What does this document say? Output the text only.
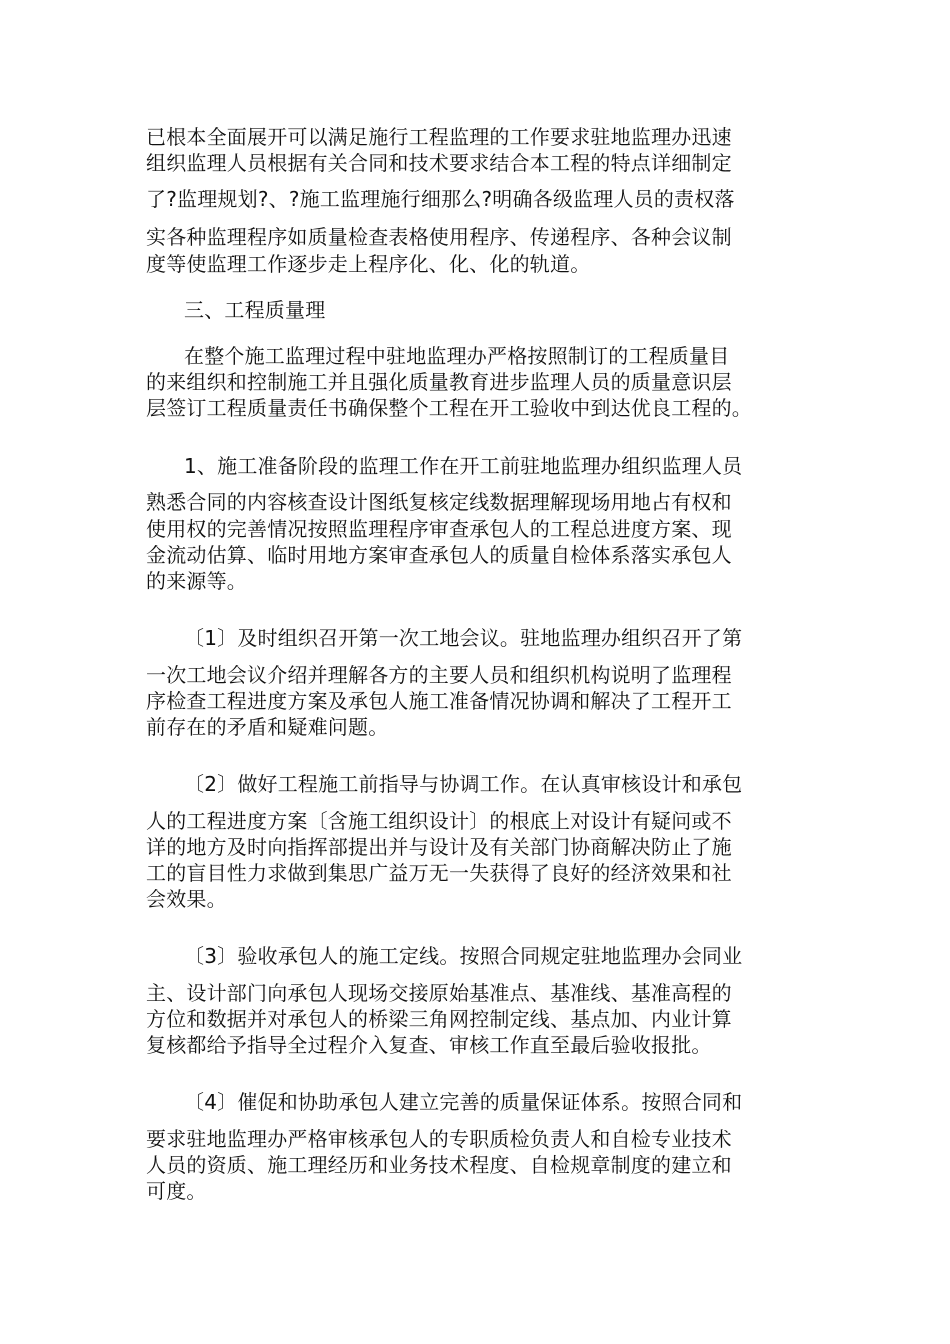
已根本全面展开可以满足施行工程监理的工作要求驻地监理办迅速
组织监理人员根据有关合同和技术要求结合本工程的特点详细制定
了?监理规划?、?施工监理施行细那么?明确各级监理人员的责权落
实各种监理程序如质量检查表格使用程序、传递程序、各种会议制
度等使监理工作逐步走上程序化、化、化的轨道。
三、工程质量理
在整个施工监理过程中驻地监理办严格按照制订的工程质量目
的来组织和控制施工并且强化质量教育进步监理人员的质量意识层
层签订工程质量责任书确保整个工程在开工验收中到达优良工程的。
1、施工准备阶段的监理工作在开工前驻地监理办组织监理人员
熟悉合同的内容核查设计图纸复核定线数据理解现场用地占有权和
使用权的完善情况按照监理程序审查承包人的工程总进度方案、现
金流动估算、临时用地方案审查承包人的质量自检体系落实承包人
的来源等。
〔1〕及时组织召开第一次工地会议。驻地监理办组织召开了第
一次工地会议介绍并理解各方的主要人员和组织机构说明了监理程
序检查工程进度方案及承包人施工准备情况协调和解决了工程开工
前存在的矛盾和疑难问题。
〔2〕做好工程施工前指导与协调工作。在认真审核设计和承包
人的工程进度方案〔含施工组织设计〕的根底上对设计有疑问或不
详的地方及时向指挥部提出并与设计及有关部门协商解决防止了施
工的盲目性力求做到集思广益万无一失获得了良好的经济效果和社
会效果。
〔3〕验收承包人的施工定线。按照合同规定驻地监理办会同业
主、设计部门向承包人现场交接原始基准点、基准线、基准高程的
方位和数据并对承包人的桥梁三角网控制定线、基点加、内业计算
复核都给予指导全过程介入复查、审核工作直至最后验收报批。
〔4〕催促和协助承包人建立完善的质量保证体系。按照合同和
要求驻地监理办严格审核承包人的专职质检负责人和自检专业技术
人员的资质、施工理经历和业务技术程度、自检规章制度的建立和
可度。
